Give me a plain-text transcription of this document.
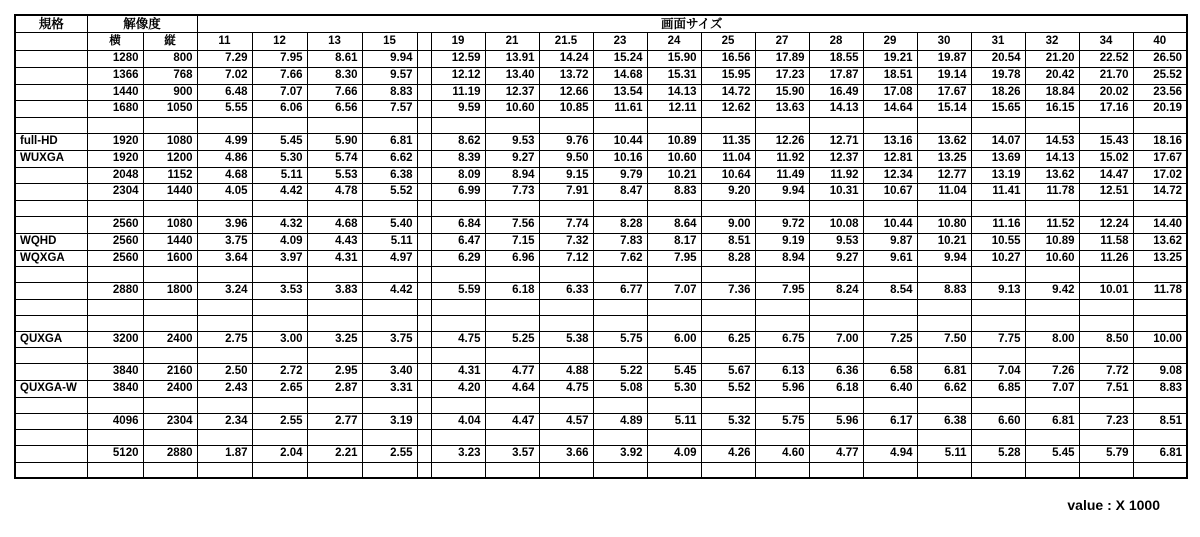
規格	解像度		画面サイズ																		
	横	縦	11	12	13	15		19	21	21.5	23	24	25	27	28	29	30	31	32	34	40
	1280	800	7.29	7.95	8.61	9.94		12.59	13.91	14.24	15.24	15.90	16.56	17.89	18.55	19.21	19.87	20.54	21.20	22.52	26.50
	1366	768	7.02	7.66	8.30	9.57		12.12	13.40	13.72	14.68	15.31	15.95	17.23	17.87	18.51	19.14	19.78	20.42	21.70	25.52
	1440	900	6.48	7.07	7.66	8.83		11.19	12.37	12.66	13.54	14.13	14.72	15.90	16.49	17.08	17.67	18.26	18.84	20.02	23.56
	1680	1050	5.55	6.06	6.56	7.57		9.59	10.60	10.85	11.61	12.11	12.62	13.63	14.13	14.64	15.14	15.65	16.15	17.16	20.19

full-HD	1920	1080	4.99	5.45	5.90	6.81		8.62	9.53	9.76	10.44	10.89	11.35	12.26	12.71	13.16	13.62	14.07	14.53	15.43	18.16
WUXGA	1920	1200	4.86	5.30	5.74	6.62		8.39	9.27	9.50	10.16	10.60	11.04	11.92	12.37	12.81	13.25	13.69	14.13	15.02	17.67
	2048	1152	4.68	5.11	5.53	6.38		8.09	8.94	9.15	9.79	10.21	10.64	11.49	11.92	12.34	12.77	13.19	13.62	14.47	17.02
	2304	1440	4.05	4.42	4.78	5.52		6.99	7.73	7.91	8.47	8.83	9.20	9.94	10.31	10.67	11.04	11.41	11.78	12.51	14.72

	2560	1080	3.96	4.32	4.68	5.40		6.84	7.56	7.74	8.28	8.64	9.00	9.72	10.08	10.44	10.80	11.16	11.52	12.24	14.40
WQHD	2560	1440	3.75	4.09	4.43	5.11		6.47	7.15	7.32	7.83	8.17	8.51	9.19	9.53	9.87	10.21	10.55	10.89	11.58	13.62
WQXGA	2560	1600	3.64	3.97	4.31	4.97		6.29	6.96	7.12	7.62	7.95	8.28	8.94	9.27	9.61	9.94	10.27	10.60	11.26	13.25

	2880	1800	3.24	3.53	3.83	4.42		5.59	6.18	6.33	6.77	7.07	7.36	7.95	8.24	8.54	8.83	9.13	9.42	10.01	11.78

QUXGA	3200	2400	2.75	3.00	3.25	3.75		4.75	5.25	5.38	5.75	6.00	6.25	6.75	7.00	7.25	7.50	7.75	8.00	8.50	10.00

	3840	2160	2.50	2.72	2.95	3.40		4.31	4.77	4.88	5.22	5.45	5.67	6.13	6.36	6.58	6.81	7.04	7.26	7.72	9.08
QUXGA-W	3840	2400	2.43	2.65	2.87	3.31		4.20	4.64	4.75	5.08	5.30	5.52	5.96	6.18	6.40	6.62	6.85	7.07	7.51	8.83

	4096	2304	2.34	2.55	2.77	3.19		4.04	4.47	4.57	4.89	5.11	5.32	5.75	5.96	6.17	6.38	6.60	6.81	7.23	8.51

	5120	2880	1.87	2.04	2.21	2.55		3.23	3.57	3.66	3.92	4.09	4.26	4.60	4.77	4.94	5.11	5.28	5.45	5.79	6.81

value : X 1000
